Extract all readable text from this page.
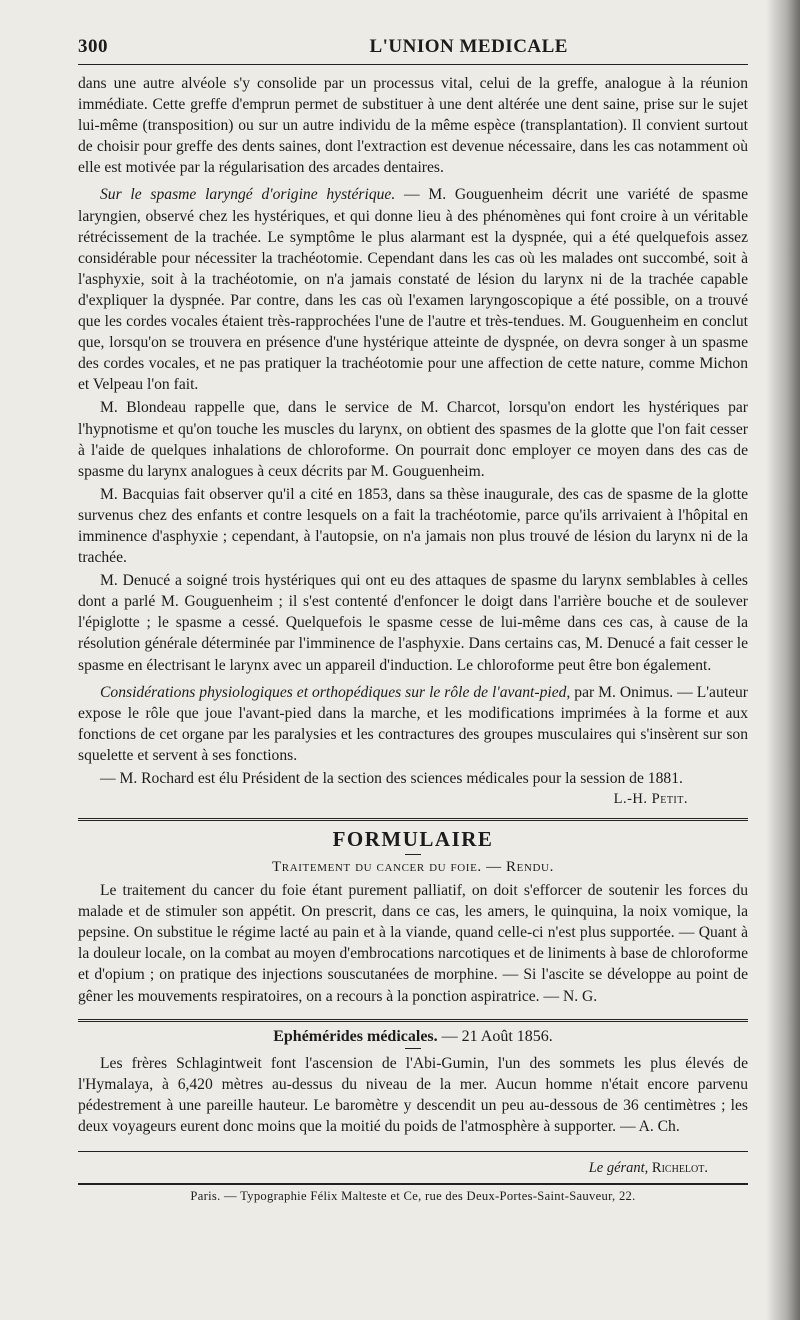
300	L'UNION MEDICALE

dans une autre alvéole s'y consolide par un processus vital, celui de la greffe, analogue à la réunion immédiate. Cette greffe d'emprun permet de substituer à une dent altérée une dent saine, prise sur le sujet lui-même (transposition) ou sur un autre individu de la même espèce (transplantation). Il convient surtout de choisir pour greffe des dents saines, dont l'extraction est devenue nécessaire, dans les cas notamment où elle est motivée par la régularisation des arcades dentaires.

Sur le spasme laryngé d'origine hystérique. — M. Gouguenheim décrit une variété de spasme laryngien, observé chez les hystériques, et qui donne lieu à des phénomènes qui font croire à un véritable rétrécissement de la trachée. Le symptôme le plus alarmant est la dyspnée, qui a été quelquefois assez considérable pour nécessiter la trachéotomie. Cependant dans les cas où les malades ont succombé, soit à l'asphyxie, soit à la trachéotomie, on n'a jamais constaté de lésion du larynx ni de la trachée capable d'expliquer la dyspnée. Par contre, dans les cas où l'examen laryngoscopique a été possible, on a trouvé que les cordes vocales étaient très-rapprochées l'une de l'autre et très-tendues. M. Gouguenheim en conclut que, lorsqu'on se trouvera en présence d'une hystérique atteinte de dyspnée, on devra songer à un spasme des cordes vocales, et ne pas pratiquer la trachéotomie pour une affection de cette nature, comme Michon et Velpeau l'on fait.

M. Blondeau rappelle que, dans le service de M. Charcot, lorsqu'on endort les hystériques par l'hypnotisme et qu'on touche les muscles du larynx, on obtient des spasmes de la glotte que l'on fait cesser à l'aide de quelques inhalations de chloroforme. On pourrait donc employer ce moyen dans des cas de spasme du larynx analogues à ceux décrits par M. Gouguenheim.

M. Bacquias fait observer qu'il a cité en 1853, dans sa thèse inaugurale, des cas de spasme de la glotte survenus chez des enfants et contre lesquels on a fait la trachéotomie, parce qu'ils arrivaient à l'hôpital en imminence d'asphyxie ; cependant, à l'autopsie, on n'a jamais non plus trouvé de lésion du larynx ni de la trachée.

M. Denucé a soigné trois hystériques qui ont eu des attaques de spasme du larynx semblables à celles dont a parlé M. Gouguenheim ; il s'est contenté d'enfoncer le doigt dans l'arrière bouche et de soulever l'épiglotte ; le spasme a cessé. Quelquefois le spasme cesse de lui-même dans ces cas, à cause de la résolution générale déterminée par l'imminence de l'asphyxie. Dans certains cas, M. Denucé a fait cesser le spasme en électrisant le larynx avec un appareil d'induction. Le chloroforme peut être bon également.

Considérations physiologiques et orthopédiques sur le rôle de l'avant-pied, par M. Onimus. — L'auteur expose le rôle que joue l'avant-pied dans la marche, et les modifications imprimées à la forme et aux fonctions de cet organe par les paralysies et les contractures des groupes musculaires qui s'insèrent sur son squelette et servent à ses fonctions.

— M. Rochard est élu Président de la section des sciences médicales pour la session de 1881.

L.-H. Petit.
FORMULAIRE
Traitement du cancer du foie. — Rendu.

Le traitement du cancer du foie étant purement palliatif, on doit s'efforcer de soutenir les forces du malade et de stimuler son appétit. On prescrit, dans ce cas, les amers, le quinquina, la noix vomique, la pepsine. On substitue le régime lacté au pain et à la viande, quand celle-ci n'est plus supportée. — Quant à la douleur locale, on la combat au moyen d'embrocations narcotiques et de liniments à base de chloroforme et d'opium ; on pratique des injections souscutanées de morphine. — Si l'ascite se développe au point de gêner les mouvements respiratoires, on a recours à la ponction aspiratrice. — N. G.

Ephémérides médicales. — 21 Août 1856.

Les frères Schlagintweit font l'ascension de l'Abi-Gumin, l'un des sommets les plus élevés de l'Hymalaya, à 6,420 mètres au-dessus du niveau de la mer. Aucun homme n'était encore parvenu pédestrement à une pareille hauteur. Le baromètre y descendit un peu au-dessous de 36 centimètres ; les deux voyageurs eurent donc moins que la moitié du poids de l'atmosphère à supporter. — A. Ch.

Le gérant, Richelot.
Paris. — Typographie Félix Malteste et Ce, rue des Deux-Portes-Saint-Sauveur, 22.
